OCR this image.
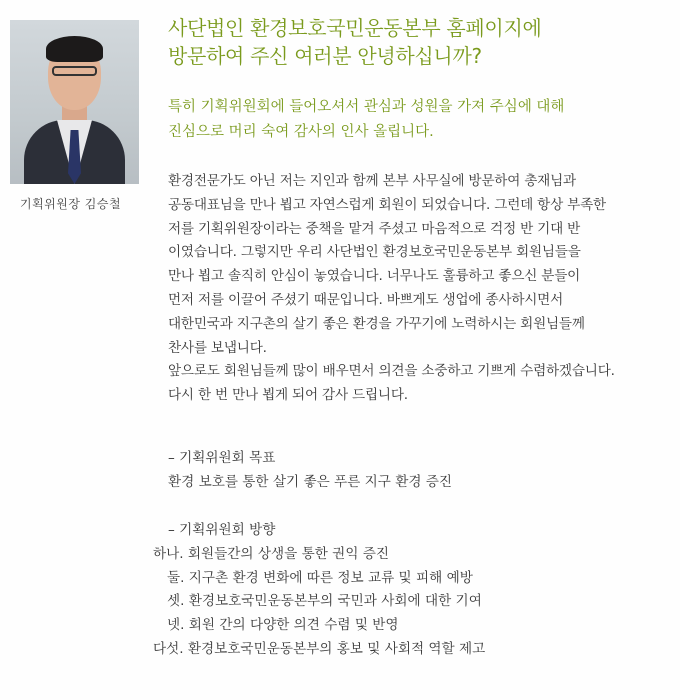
기획위원장 김승철
사단법인 환경보호국민운동본부 홈페이지에
방문하여 주신 여러분 안녕하십니까?

특히 기획위원회에 들어오셔서 관심과 성원을 가져 주심에 대해
진심으로 머리 숙여 감사의 인사 올립니다.

환경전문가도 아닌 저는 지인과 함께 본부 사무실에 방문하여 총재님과
공동대표님을 만나 뵙고 자연스럽게 회원이 되었습니다. 그런데 항상 부족한
저를 기획위원장이라는 중책을 맡겨 주셨고 마음적으로 걱정 반 기대 반
이였습니다. 그렇지만 우리 사단법인 환경보호국민운동본부 회원님들을
만나 뵙고 솔직히 안심이 놓였습니다. 너무나도 훌륭하고 좋으신 분들이
먼저 저를 이끌어 주셨기 때문입니다. 바쁘게도 생업에 종사하시면서
대한민국과 지구촌의 살기 좋은 환경을 가꾸기에 노력하시는 회원님들께
찬사를 보냅니다.
앞으로도 회원님들께 많이 배우면서 의견을 소중하고 기쁘게 수렴하겠습니다.
다시 한 번 만나 뵙게 되어 감사 드립니다.
– 기획위원회 목표
환경 보호를 통한 살기 좋은 푸른 지구 환경 증진
– 기획위원회 방향
하나. 회원들간의 상생을 통한 권익 증진
둘. 지구촌 환경 변화에 따른 정보 교류 및 피해 예방
셋. 환경보호국민운동본부의 국민과 사회에 대한 기여
넷. 회원 간의 다양한 의견 수렴 및 반영
다섯. 환경보호국민운동본부의 홍보 및 사회적 역할 제고
